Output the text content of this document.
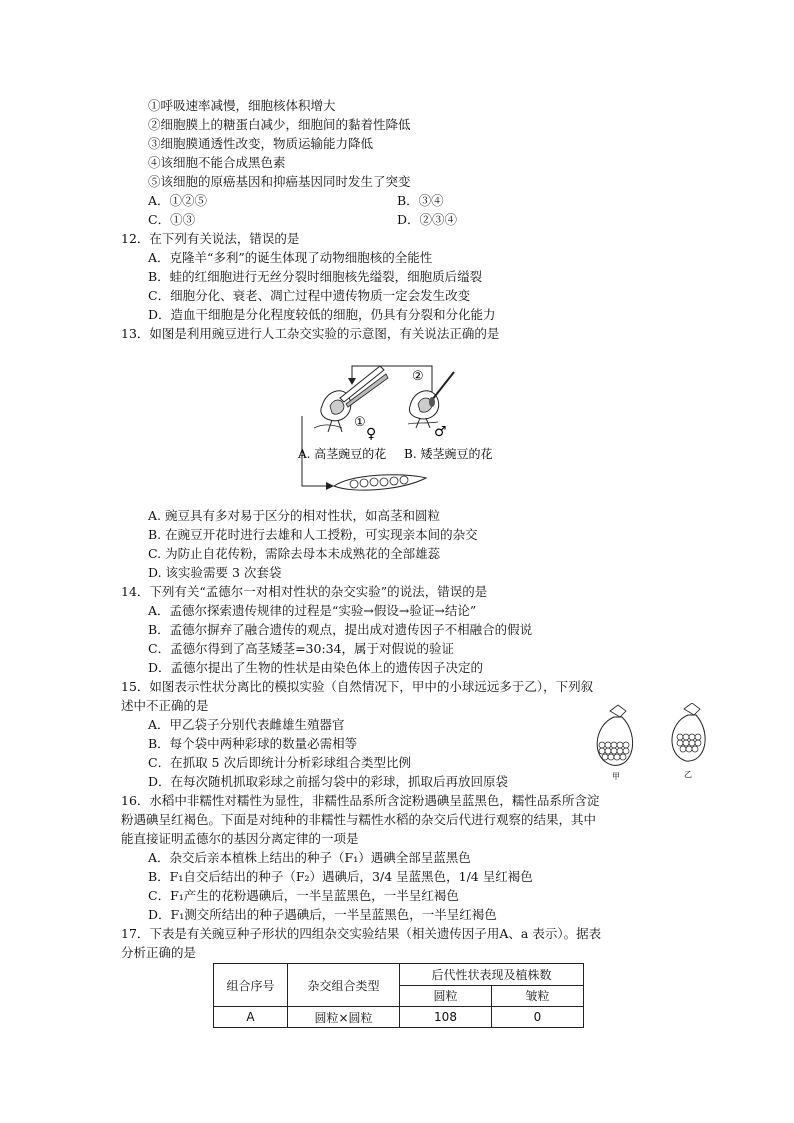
①呼吸速率减慢，细胞核体积增大
②细胞膜上的糖蛋白减少，细胞间的黏着性降低
③细胞膜通透性改变，物质运输能力降低
④该细胞不能合成黑色素
⑤该细胞的原癌基因和抑癌基因同时发生了突变
A．①②⑤	B．③④
C．①③	D．②③④
12．在下列有关说法，错误的是
A．克隆羊“多利”的诞生体现了动物细胞核的全能性
B．蛙的红细胞进行无丝分裂时细胞核先缢裂，细胞质后缢裂
C．细胞分化、衰老、凋亡过程中遗传物质一定会发生改变
D．造血干细胞是分化程度较低的细胞，仍具有分裂和分化能力
13．如图是利用豌豆进行人工杂交实验的示意图，有关说法正确的是
①
②
♀	♂
A. 高茎豌豆的花 B. 矮茎豌豆的花
A. 豌豆具有多对易于区分的相对性状，如高茎和圆粒
B. 在豌豆开花时进行去雄和人工授粉，可实现亲本间的杂交
C. 为防止自花传粉，需除去母本未成熟花的全部雄蕊
D. 该实验需要 3 次套袋
14．下列有关“孟德尔一对相对性状的杂交实验”的说法，错误的是
A．孟德尔探索遗传规律的过程是“实验→假设→验证→结论”
B．孟德尔摒弃了融合遗传的观点，提出成对遗传因子不相融合的假说
C．孟德尔得到了高茎矮茎=30:34，属于对假说的验证
D．孟德尔提出了生物的性状是由染色体上的遗传因子决定的
15．如图表示性状分离比的模拟实验（自然情况下，甲中的小球远远多于乙），下列叙
述中不正确的是
A．甲乙袋子分别代表雌雄生殖器官
B．每个袋中两种彩球的数量必需相等
C．在抓取 5 次后即统计分析彩球组合类型比例
D．在每次随机抓取彩球之前摇匀袋中的彩球，抓取后再放回原袋	甲	乙
16．水稻中非糯性对糯性为显性，非糯性品系所含淀粉遇碘呈蓝黑色，糯性品系所含淀
粉遇碘呈红褐色。下面是对纯种的非糯性与糯性水稻的杂交后代进行观察的结果，其中
能直接证明孟德尔的基因分离定律的一项是
A．杂交后亲本植株上结出的种子（F₁）遇碘全部呈蓝黑色
B．F₁自交后结出的种子（F₂）遇碘后，3/4 呈蓝黑色，1/4 呈红褐色
C．F₁产生的花粉遇碘后，一半呈蓝黑色，一半呈红褐色
D．F₁测交所结出的种子遇碘后，一半呈蓝黑色，一半呈红褐色
17．下表是有关豌豆种子形状的四组杂交实验结果（相关遗传因子用A、a 表示）。据表
分析正确的是
组合序号	杂交组合类型	后代性状表现及植株数	
		圆粒	皱粒
A	圆粒×圆粒	108	0
